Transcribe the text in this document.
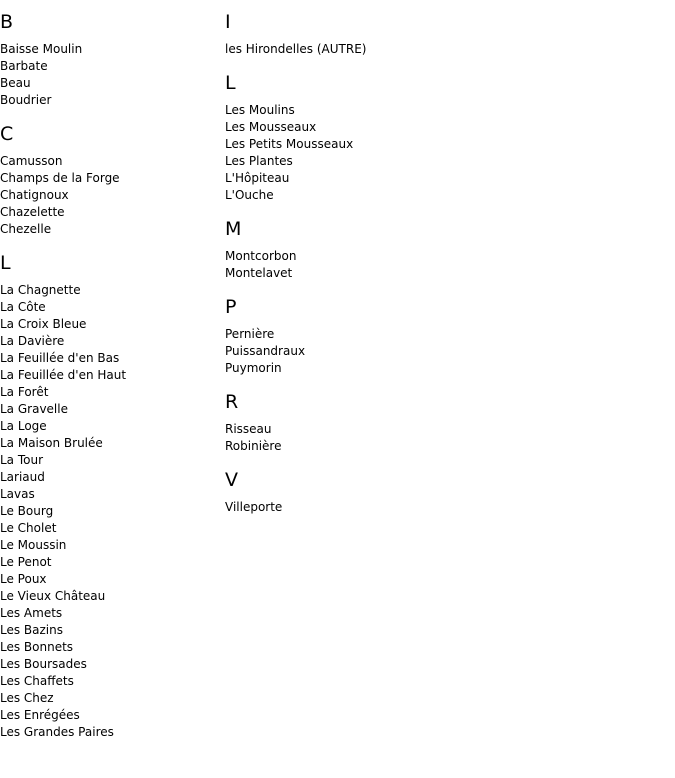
B
Baisse Moulin
Barbate
Beau
Boudrier
C
Camusson
Champs de la Forge
Chatignoux
Chazelette
Chezelle
L
La Chagnette
La Côte
La Croix Bleue
La Davière
La Feuillée d'en Bas
La Feuillée d'en Haut
La Forêt
La Gravelle
La Loge
La Maison Brulée
La Tour
Lariaud
Lavas
Le Bourg
Le Cholet
Le Moussin
Le Penot
Le Poux
Le Vieux Château
Les Amets
Les Bazins
Les Bonnets
Les Boursades
Les Chaffets
Les Chez
Les Enrégées
Les Grandes Paires
I
les Hirondelles (AUTRE)
L
Les Moulins
Les Mousseaux
Les Petits Mousseaux
Les Plantes
L'Hôpiteau
L'Ouche
M
Montcorbon
Montelavet
P
Pernière
Puissandraux
Puymorin
R
Risseau
Robinière
V
Villeporte
